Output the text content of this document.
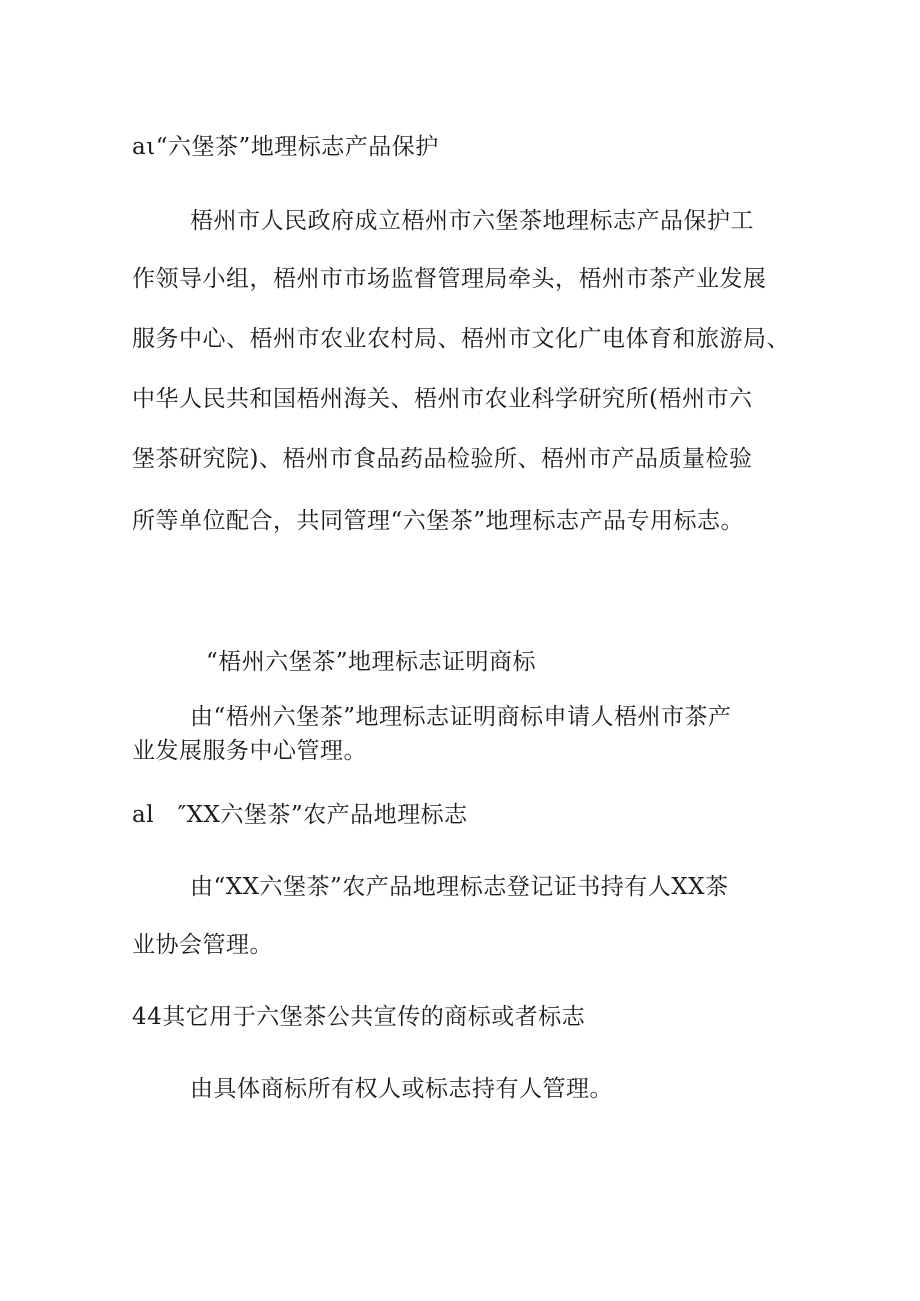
aι“六堡茶”地理标志产品保护
梧州市人民政府成立梧州市六堡茶地理标志产品保护工
作领导小组，梧州市市场监督管理局牵头，梧州市茶产业发展
服务中心、梧州市农业农村局、梧州市文化广电体育和旅游局、
中华人民共和国梧州海关、梧州市农业科学研究所(梧州市六
堡茶研究院)、梧州市食品药品检验所、梧州市产品质量检验
所等单位配合，共同管理“六堡茶”地理标志产品专用标志。
“梧州六堡茶”地理标志证明商标
由“梧州六堡茶”地理标志证明商标申请人梧州市茶产
业发展服务中心管理。
al　″XX六堡茶”农产品地理标志
由“XX六堡茶”农产品地理标志登记证书持有人XX茶
业协会管理。
44其它用于六堡茶公共宣传的商标或者标志
由具体商标所有权人或标志持有人管理。
